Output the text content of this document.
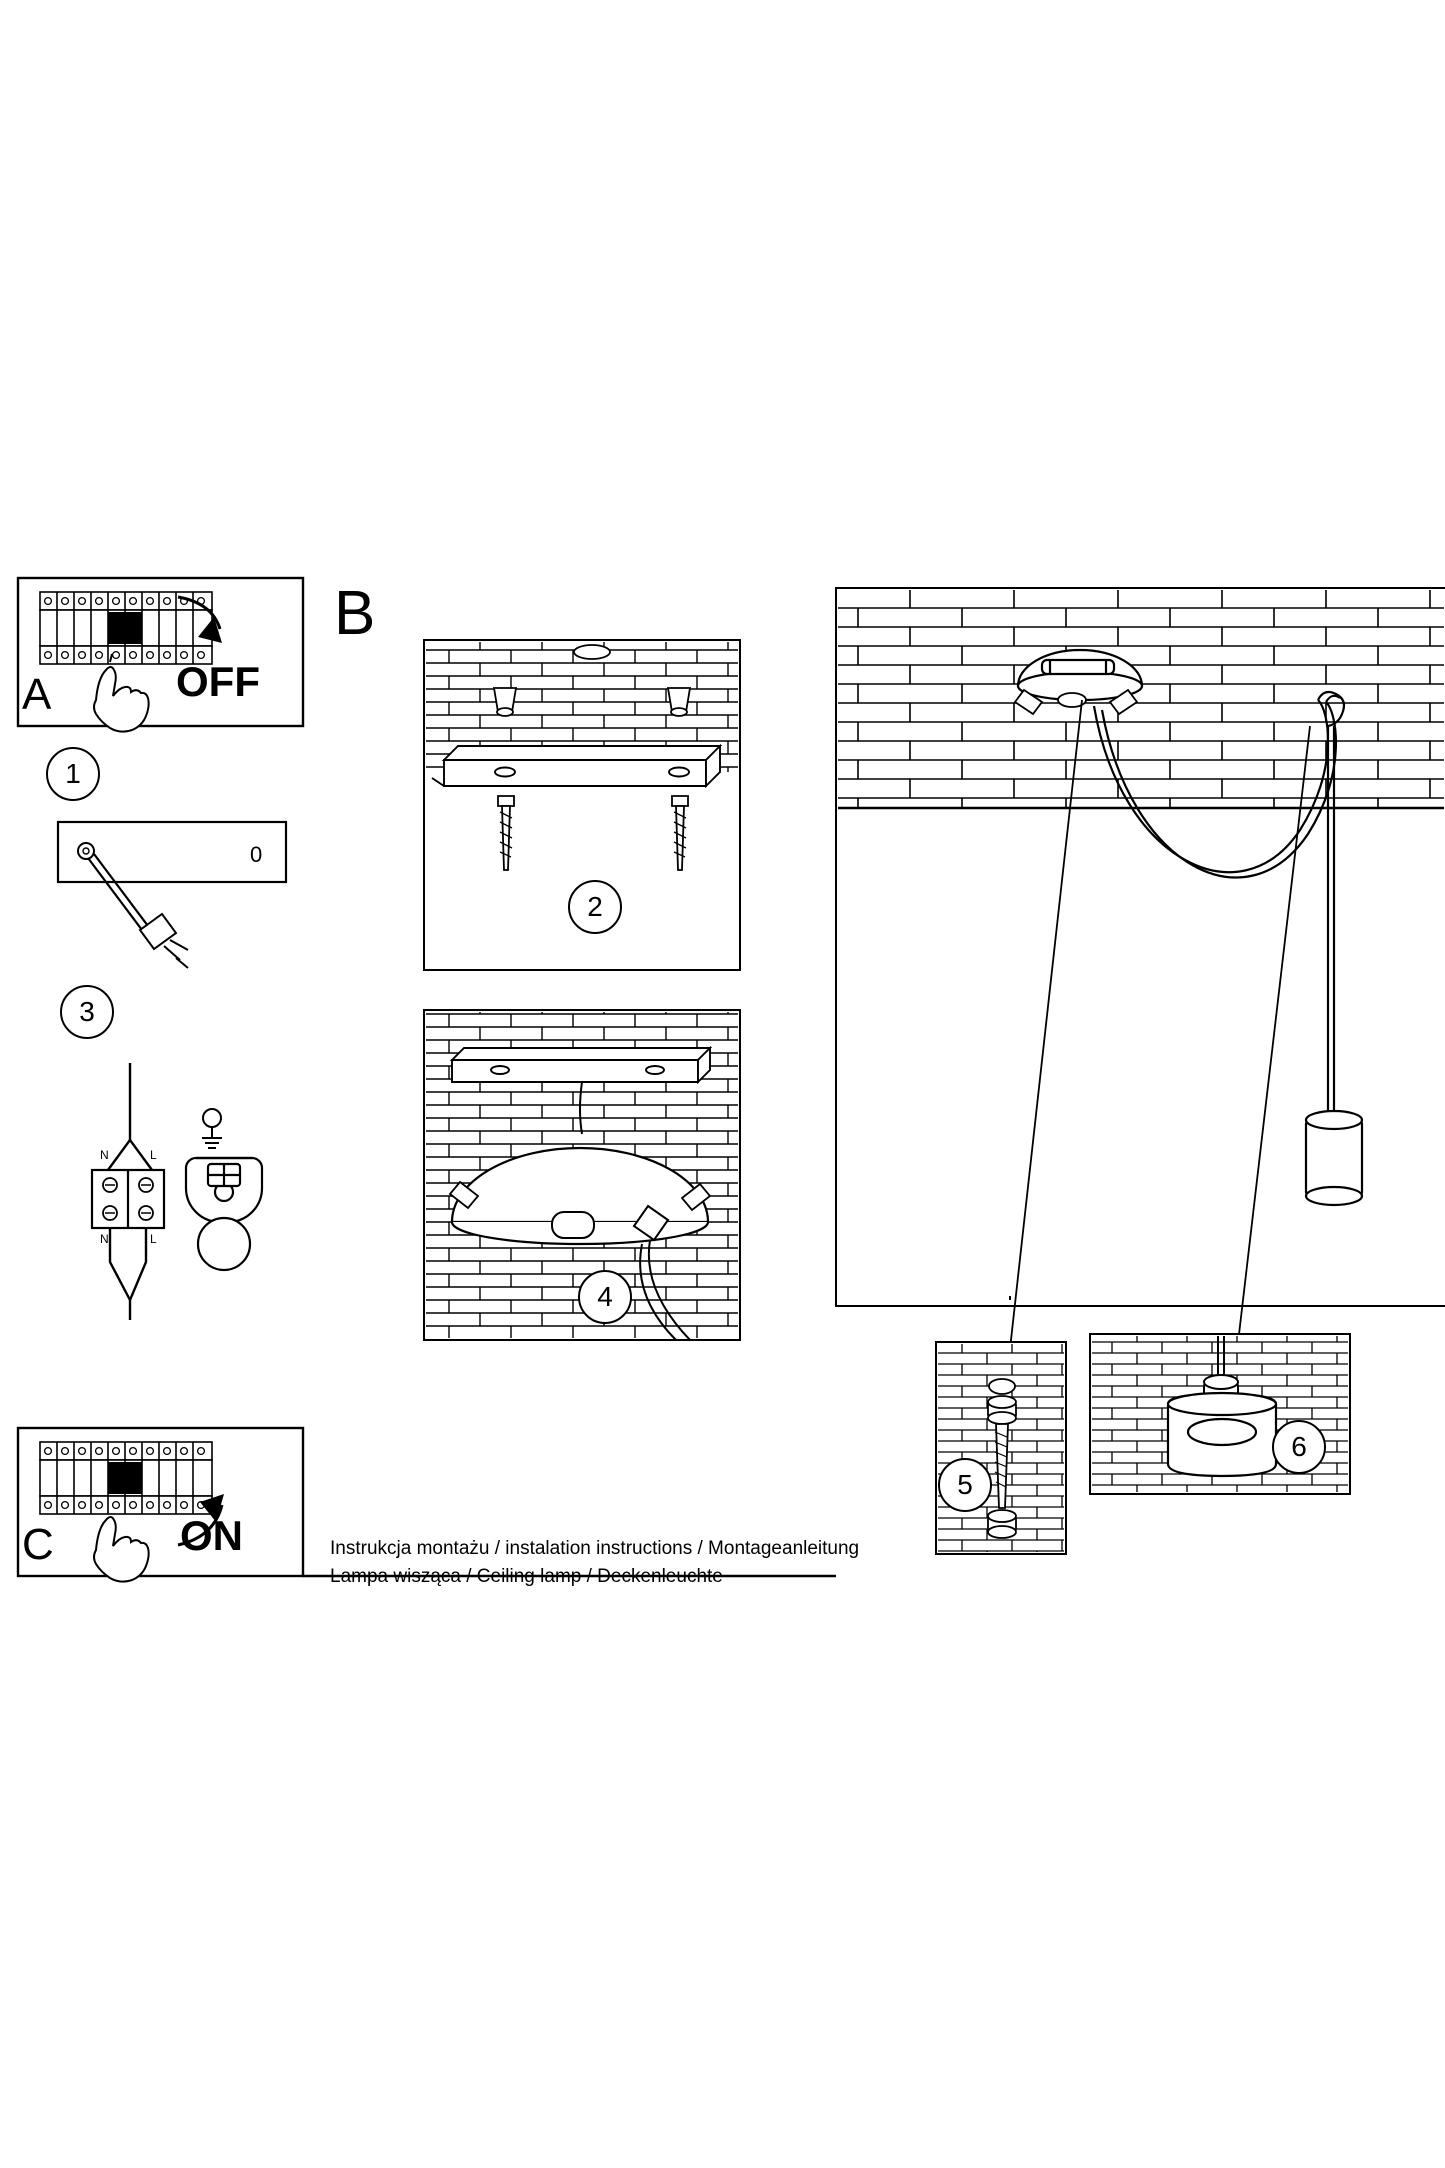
A	OFF
B
C	ON
0
N	L
N	L
1
2
3
4
5
6
Instrukcja montażu / instalation instructions / Montageanleitung
Lampa wisząca / Ceiling lamp / Deckenleuchte
